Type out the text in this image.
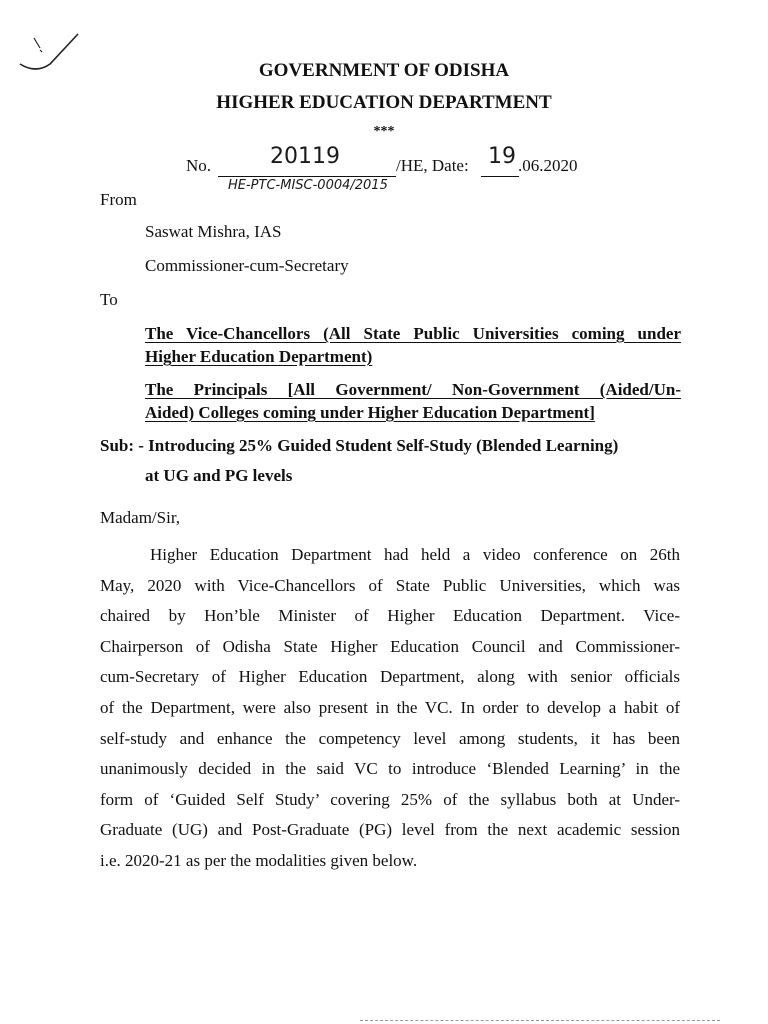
GOVERNMENT OF ODISHA
HIGHER EDUCATION DEPARTMENT
***
No.	20119	/HE, Date: 19 .06.2020
HE-PTC-MISC-0004/2015
From
Saswat Mishra, IAS
Commissioner-cum-Secretary
To
The Vice-Chancellors (All State Public Universities coming under
Higher Education Department)
The Principals [All Government/ Non-Government (Aided/Un-
Aided) Colleges coming under Higher Education Department]
Sub: - Introducing 25% Guided Student Self-Study (Blended Learning)
at UG and PG levels
Madam/Sir,
Higher Education Department had held a video conference on 26th
May, 2020 with Vice-Chancellors of State Public Universities, which was
chaired by Hon’ble Minister of Higher Education Department. Vice-
Chairperson of Odisha State Higher Education Council and Commissioner-
cum-Secretary of Higher Education Department, along with senior officials
of the Department, were also present in the VC. In order to develop a habit of
self-study and enhance the competency level among students, it has been
unanimously decided in the said VC to introduce ‘Blended Learning’ in the
form of ‘Guided Self Study’ covering 25% of the syllabus both at Under-
Graduate (UG) and Post-Graduate (PG) level from the next academic session
i.e. 2020-21 as per the modalities given below.
